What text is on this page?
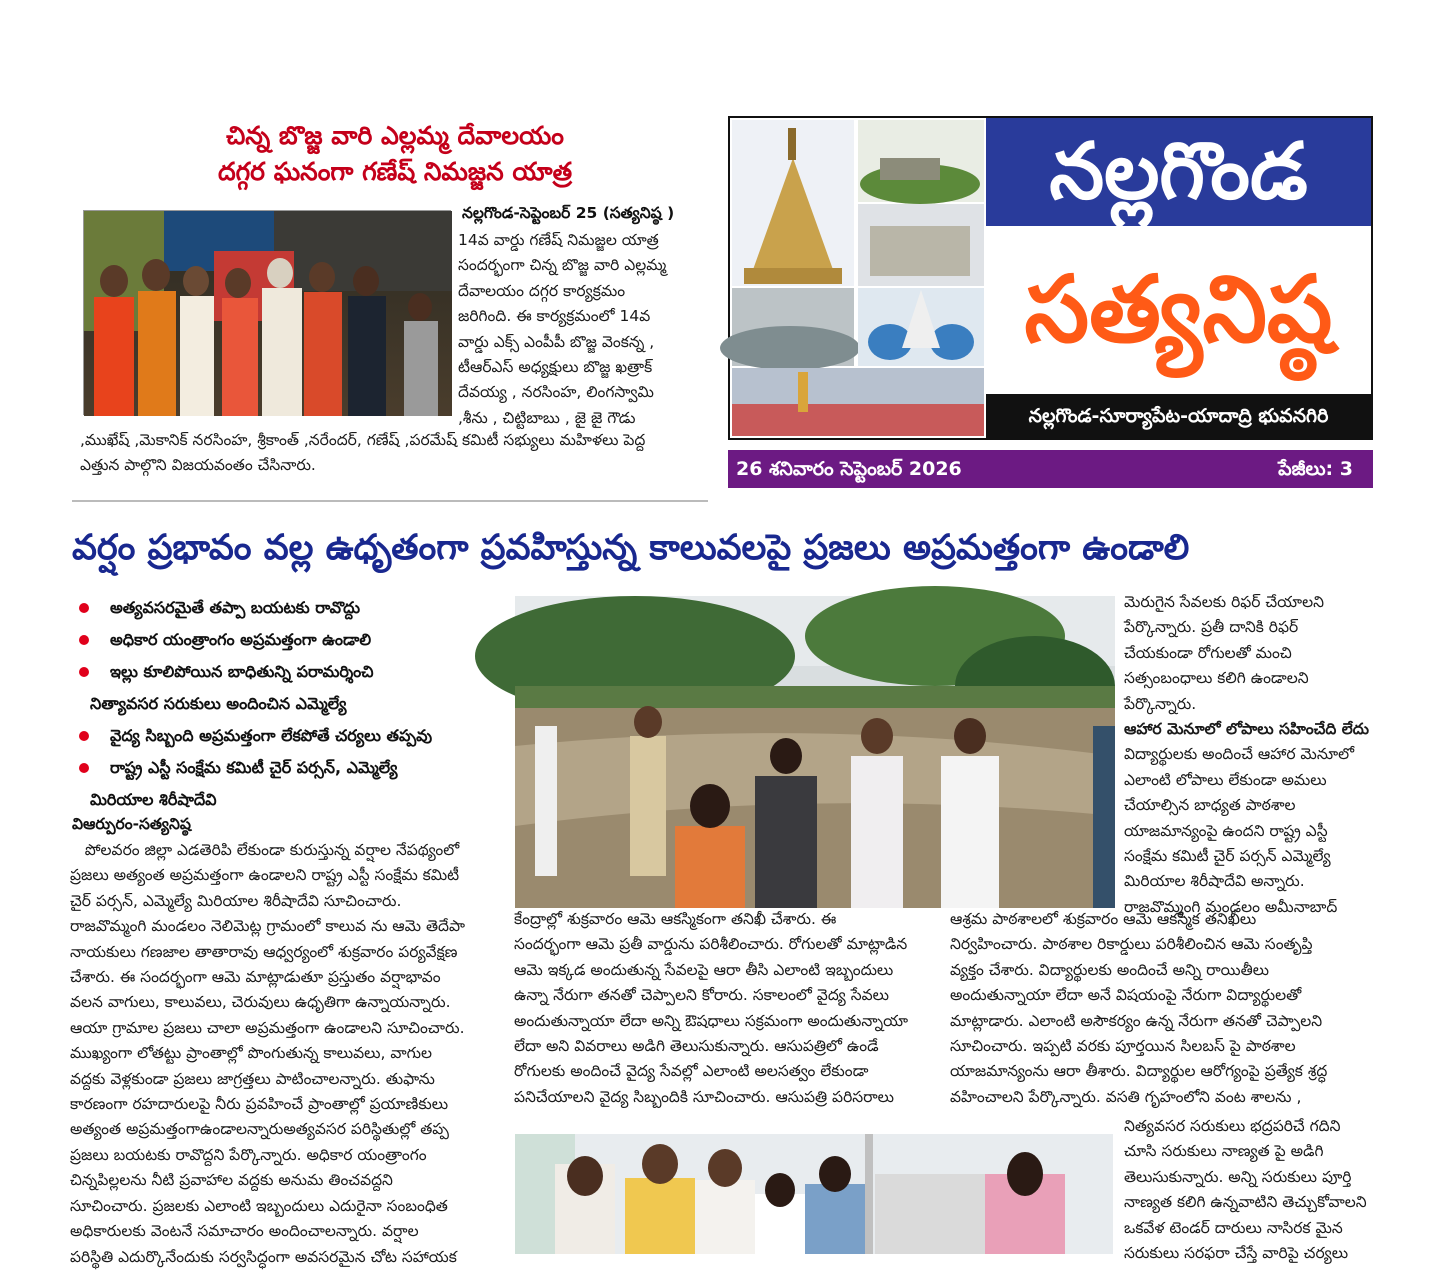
చిన్న బొజ్జ వారి ఎల్లమ్మ దేవాలయం
దగ్గర ఘనంగా గణేష్ నిమజ్జన యాత్ర
నల్లగొండ-సెప్టెంబర్ 25 (సత్యనిష్ఠ )
14వ వార్డు గణేష్ నిమజ్జల యాత్ర
సందర్భంగా చిన్న బొజ్జ వారి ఎల్లమ్మ
దేవాలయం దగ్గర కార్యక్రమం
జరిగింది. ఈ కార్యక్రమంలో 14వ
వార్డు ఎక్స్ ఎంపీపీ బొజ్జ వెంకన్న ,
టీఆర్ఎస్ అధ్యక్షులు బొజ్జ ఖత్రాక్
దేవయ్య , నరసింహ, లింగస్వామి
,శీను , చిట్టిబాబు , జై జై గౌడు
,ముఖేష్ ,మెకానిక్ నరసింహ, శ్రీకాంత్ ,నరేందర్, గణేష్ ,పరమేష్ కమిటీ సభ్యులు మహిళలు పెద్ద
ఎత్తున పాల్గొని విజయవంతం చేసినారు.
నల్లగొండ
సత్యనిష్ఠ
నల్లగొండ-సూర్యాపేట-యాదాద్రి భువనగిరి
26 శనివారం సెప్టెంబర్ 2026	పేజీలు: 3
వర్షం ప్రభావం వల్ల ఉధృతంగా ప్రవహిస్తున్న కాలువలపై ప్రజలు అప్రమత్తంగా ఉండాలి
అత్యవసరమైతే తప్పా బయటకు రావొద్దు
అధికార యంత్రాంగం అప్రమత్తంగా ఉండాలి
ఇల్లు కూలిపోయిన బాధితున్ని పరామర్శించి
నిత్యావసర సరుకులు అందించిన ఎమ్మెల్యే
వైద్య సిబ్బంది అప్రమత్తంగా లేకపోతే చర్యలు తప్పవు
రాష్ట్ర ఎస్టీ సంక్షేమ కమిటీ చైర్ పర్సన్, ఎమ్మెల్యే
మిరియాల శిరీషాదేవి
విఆర్పురం-సత్యనిష్ఠ
పోలవరం జిల్లా ఎడతెరిపి లేకుండా కురుస్తున్న వర్షాల నేపథ్యంలో
ప్రజలు అత్యంత అప్రమత్తంగా ఉండాలని రాష్ట్ర ఎస్టీ సంక్షేమ కమిటీ
చైర్ పర్సన్, ఎమ్మెల్యే మిరియాల శిరీషాదేవి సూచించారు.
రాజవొమ్మంగి మండలం నెలిమెట్ల గ్రామంలో కాలువ ను ఆమె తెదేపా
నాయకులు గణజాల తాతారావు ఆధ్వర్యంలో శుక్రవారం పర్యవేక్షణ
చేశారు. ఈ సందర్భంగా ఆమె మాట్లాడుతూ ప్రస్తుతం వర్షాభావం
వలన వాగులు, కాలువలు, చెరువులు ఉధృతిగా ఉన్నాయన్నారు.
ఆయా గ్రామాల ప్రజలు చాలా అప్రమత్తంగా ఉండాలని సూచించారు.
ముఖ్యంగా లోతట్టు ప్రాంతాల్లో పొంగుతున్న కాలువలు, వాగుల
వద్దకు వెళ్లకుండా ప్రజలు జాగ్రత్తలు పాటించాలన్నారు. తుఫాను
కారణంగా రహదారులపై నీరు ప్రవహించే ప్రాంతాల్లో ప్రయాణికులు
అత్యంత అప్రమత్తంగాఉండాలన్నారుఅత్యవసర పరిస్థితుల్లో తప్ప
ప్రజలు బయటకు రావొద్దని పేర్కొన్నారు. అధికార యంత్రాంగం
చిన్నపిల్లలను నీటి ప్రవాహాల వద్దకు అనుమ తించవద్దని
సూచించారు. ప్రజలకు ఎలాంటి ఇబ్బందులు ఎదురైనా సంబంధిత
అధికారులకు వెంటనే సమాచారం అందించాలన్నారు. వర్షాల
పరిస్థితి ఎదుర్కొనేందుకు సర్వసిద్ధంగా అవసరమైన చోట సహాయక
కేంద్రాల్లో శుక్రవారం ఆమె ఆకస్మికంగా తనిఖీ చేశారు. ఈ
సందర్భంగా ఆమె ప్రతీ వార్డును పరిశీలించారు. రోగులతో మాట్లాడిన
ఆమె ఇక్కడ అందుతున్న సేవలపై ఆరా తీసి ఎలాంటి ఇబ్బందులు
ఉన్నా నేరుగా తనతో చెప్పాలని కోరారు. సకాలంలో వైద్య సేవలు
అందుతున్నాయా లేదా అన్ని ఔషధాలు సక్రమంగా అందుతున్నాయా
లేదా అని వివరాలు అడిగి తెలుసుకున్నారు. ఆసుపత్రిలో ఉండే
రోగులకు అందించే వైద్య సేవల్లో ఎలాంటి అలసత్వం లేకుండా
పనిచేయాలని వైద్య సిబ్బందికి సూచించారు. ఆసుపత్రి పరిసరాలు
మెరుగైన సేవలకు రిఫర్ చేయాలని
పేర్కొన్నారు. ప్రతీ దానికి రిఫర్
చేయకుండా రోగులతో మంచి
సత్సంబంధాలు కలిగి ఉండాలని
పేర్కొన్నారు.
ఆహార మెనూలో లోపాలు సహించేది లేదు
విద్యార్థులకు అందించే ఆహార మెనూలో
ఎలాంటి లోపాలు లేకుండా అమలు
చేయాల్సిన బాధ్యత పాఠశాల
యాజమాన్యంపై ఉందని రాష్ట్ర ఎస్టీ
సంక్షేమ కమిటీ చైర్ పర్సన్ ఎమ్మెల్యే
మిరియాల శిరీషాదేవి అన్నారు.
రాజవొమ్మంగి మండలం అమీనాబాద్
ఆశ్రమ పాఠశాలలో శుక్రవారం ఆమె ఆకస్మిక తనిఖీలు
నిర్వహించారు. పాఠశాల రికార్డులు పరిశీలించిన ఆమె సంతృప్తి
వ్యక్తం చేశారు. విద్యార్థులకు అందించే అన్ని రాయితీలు
అందుతున్నాయా లేదా అనే విషయంపై నేరుగా విద్యార్థులతో
మాట్లాడారు. ఎలాంటి అసౌకర్యం ఉన్న నేరుగా తనతో చెప్పాలని
సూచించారు. ఇప్పటి వరకు పూర్తయిన సిలబస్ పై పాఠశాల
యాజమాన్యంను ఆరా తీశారు. విద్యార్థుల ఆరోగ్యంపై ప్రత్యేక శ్రద్ధ
వహించాలని పేర్కొన్నారు. వసతి గృహంలోని వంట శాలను ,
నిత్యవసర సరుకులు భద్రపరిచే గదిని
చూసి సరుకులు నాణ్యత పై అడిగి
తెలుసుకున్నారు. అన్ని సరుకులు పూర్తి
నాణ్యత కలిగి ఉన్నవాటిని తెచ్చుకోవాలని
ఒకవేళ టెండర్ దారులు నాసిరక మైన
సరుకులు సరఫరా చేస్తే వారిపై చర్యలు
